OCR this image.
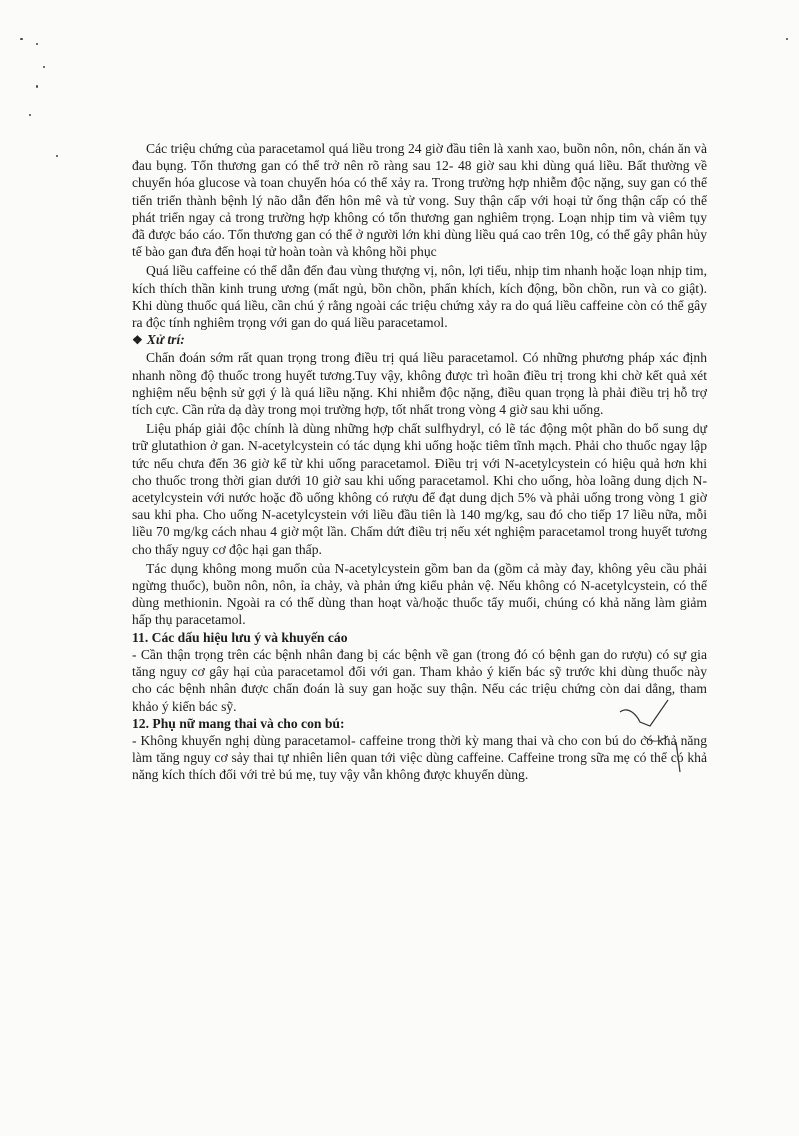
Các triệu chứng của paracetamol quá liều trong 24 giờ đầu tiên là xanh xao, buồn nôn, nôn, chán ăn và đau bụng. Tổn thương gan có thể trở nên rõ ràng sau 12- 48 giờ sau khi dùng quá liều. Bất thường về chuyển hóa glucose và toan chuyển hóa có thể xảy ra. Trong trường hợp nhiễm độc nặng, suy gan có thể tiến triển thành bệnh lý não dẫn đến hôn mê và tử vong. Suy thận cấp với hoại tử ống thận cấp có thể phát triển ngay cả trong trường hợp không có tổn thương gan nghiêm trọng. Loạn nhịp tim và viêm tụy đã được báo cáo. Tổn thương gan có thể ở người lớn khi dùng liều quá cao trên 10g, có thể gây phân hủy tế bào gan đưa đến hoại tử hoàn toàn và không hồi phục

Quá liều caffeine có thể dẫn đến đau vùng thượng vị, nôn, lợi tiểu, nhịp tim nhanh hoặc loạn nhịp tim, kích thích thần kinh trung ương (mất ngủ, bồn chồn, phấn khích, kích động, bồn chồn, run và co giật). Khi dùng thuốc quá liều, cần chú ý rằng ngoài các triệu chứng xảy ra do quá liều caffeine còn có thể gây ra độc tính nghiêm trọng với gan do quá liều paracetamol.

❖ Xử trí:

Chẩn đoán sớm rất quan trọng trong điều trị quá liều paracetamol. Có những phương pháp xác định nhanh nồng độ thuốc trong huyết tương.Tuy vậy, không được trì hoãn điều trị trong khi chờ kết quả xét nghiệm nếu bệnh sử gợi ý là quá liều nặng. Khi nhiễm độc nặng, điều quan trọng là phải điều trị hỗ trợ tích cực. Cần rửa dạ dày trong mọi trường hợp, tốt nhất trong vòng 4 giờ sau khi uống.

Liệu pháp giải độc chính là dùng những hợp chất sulfhydryl, có lẽ tác động một phần do bổ sung dự trữ glutathion ở gan. N-acetylcystein có tác dụng khi uống hoặc tiêm tĩnh mạch. Phải cho thuốc ngay lập tức nếu chưa đến 36 giờ kể từ khi uống paracetamol. Điều trị với N-acetylcystein có hiệu quả hơn khi cho thuốc trong thời gian dưới 10 giờ sau khi uống paracetamol. Khi cho uống, hòa loãng dung dịch N-acetylcystein với nước hoặc đồ uống không có rượu để đạt dung dịch 5% và phải uống trong vòng 1 giờ sau khi pha. Cho uống N-acetylcystein với liều đầu tiên là 140 mg/kg, sau đó cho tiếp 17 liều nữa, mỗi liều 70 mg/kg cách nhau 4 giờ một lần. Chấm dứt điều trị nếu xét nghiệm paracetamol trong huyết tương cho thấy nguy cơ độc hại gan thấp.

Tác dụng không mong muốn của N-acetylcystein gồm ban da (gồm cả mày đay, không yêu cầu phải ngừng thuốc), buồn nôn, nôn, ỉa chảy, và phản ứng kiểu phản vệ. Nếu không có N-acetylcystein, có thể dùng methionin. Ngoài ra có thể dùng than hoạt và/hoặc thuốc tẩy muối, chúng có khả năng làm giảm hấp thụ paracetamol.

11. Các dấu hiệu lưu ý và khuyến cáo

- Cần thận trọng trên các bệnh nhân đang bị các bệnh về gan (trong đó có bệnh gan do rượu) có sự gia tăng nguy cơ gây hại của paracetamol đối với gan. Tham khảo ý kiến bác sỹ trước khi dùng thuốc này cho các bệnh nhân được chẩn đoán là suy gan hoặc suy thận. Nếu các triệu chứng còn dai dẳng, tham khảo ý kiến bác sỹ.

12. Phụ nữ mang thai và cho con bú:

- Không khuyến nghị dùng paracetamol- caffeine trong thời kỳ mang thai và cho con bú do có khả năng làm tăng nguy cơ sảy thai tự nhiên liên quan tới việc dùng caffeine. Caffeine trong sữa mẹ có thể có khả năng kích thích đối với trẻ bú mẹ, tuy vậy vẫn không được khuyến dùng.
